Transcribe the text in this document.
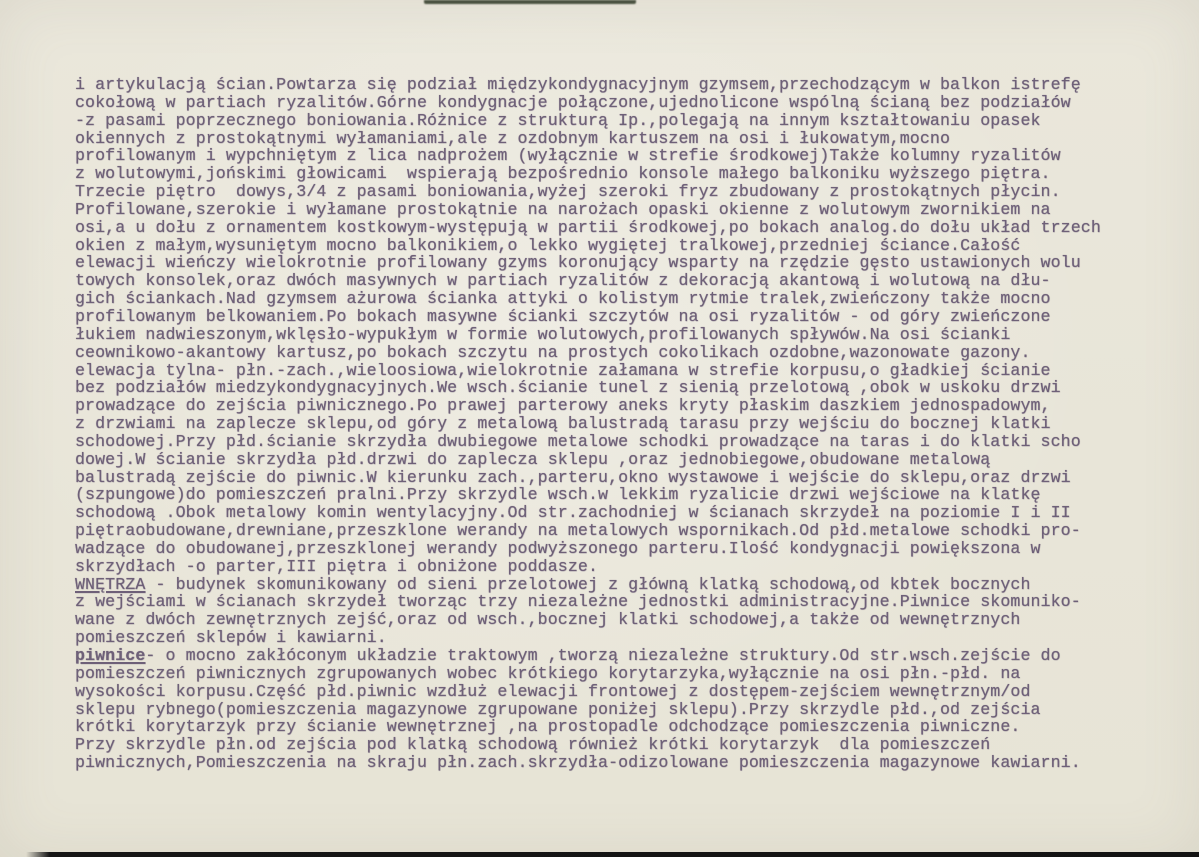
i artykulacją ścian.Powtarza się podział międzykondygnacyjnym gzymsem,przechodzącym w balkon istrefę
cokołową w partiach ryzalitów.Górne kondygnacje połączone,ujednolicone wspólną ścianą bez podziałów
-z pasami poprzecznego boniowania.Różnice z strukturą Ip.,polegają na innym kształtowaniu opasek
okiennych z prostokątnymi wyłamaniami,ale z ozdobnym kartuszem na osi i łukowatym,mocno
profilowanym i wypchniętym z lica nadprożem (wyłącznie w strefie środkowej)Także kolumny ryzalitów
z wolutowymi,jońskimi głowicami  wspierają bezpośrednio konsole małego balkoniku wyższego piętra.
Trzecie piętro  dowys,3/4 z pasami boniowania,wyżej szeroki fryz zbudowany z prostokątnych płycin.
Profilowane,szerokie i wyłamane prostokątnie na narożach opaski okienne z wolutowym zwornikiem na
osi,a u dołu z ornamentem kostkowym-występują w partii środkowej,po bokach analog.do dołu układ trzech
okien z małym,wysuniętym mocno balkonikiem,o lekko wygiętej tralkowej,przedniej ściance.Całość
elewacji wieńczy wielokrotnie profilowany gzyms koronujący wsparty na rzędzie gęsto ustawionych wolu
towych konsolek,oraz dwóch masywnych w partiach ryzalitów z dekoracją akantową i wolutową na dłu-
gich ściankach.Nad gzymsem ażurowa ścianka attyki o kolistym rytmie tralek,zwieńczony także mocno
profilowanym belkowaniem.Po bokach masywne ścianki szczytów na osi ryzalitów - od góry zwieńczone
łukiem nadwieszonym,wklęsło-wypukłym w formie wolutowych,profilowanych spływów.Na osi ścianki
ceownikowo-akantowy kartusz,po bokach szczytu na prostych cokolikach ozdobne,wazonowate gazony.
elewacja tylna- płn.-zach.,wieloosiowa,wielokrotnie załamana w strefie korpusu,o gładkiej ścianie
bez podziałów miedzykondygnacyjnych.We wsch.ścianie tunel z sienią przelotową ,obok w uskoku drzwi
prowadzące do zejścia piwnicznego.Po prawej parterowy aneks kryty płaskim daszkiem jednospadowym,
z drzwiami na zaplecze sklepu,od góry z metalową balustradą tarasu przy wejściu do bocznej klatki
schodowej.Przy płd.ścianie skrzydła dwubiegowe metalowe schodki prowadzące na taras i do klatki scho
dowej.W ścianie skrzydła płd.drzwi do zaplecza sklepu ,oraz jednobiegowe,obudowane metalową
balustradą zejście do piwnic.W kierunku zach.,parteru,okno wystawowe i wejście do sklepu,oraz drzwi
(szpungowe)do pomieszczeń pralni.Przy skrzydle wsch.w lekkim ryzalicie drzwi wejściowe na klatkę
schodową .Obok metalowy komin wentylacyjny.Od str.zachodniej w ścianach skrzydeł na poziomie I i II
piętraobudowane,drewniane,przeszklone werandy na metalowych wspornikach.Od płd.metalowe schodki pro-
wadzące do obudowanej,przeszklonej werandy podwyższonego parteru.Ilość kondygnacji powiększona w
skrzydłach -o parter,III piętra i obniżone poddasze.
WNĘTRZA - budynek skomunikowany od sieni przelotowej z główną klatką schodową,od kbtek bocznych
z wejściami w ścianach skrzydeł tworząc trzy niezależne jednostki administracyjne.Piwnice skomuniko-
wane z dwóch zewnętrznych zejść,oraz od wsch.,bocznej klatki schodowej,a także od wewnętrznych
pomieszczeń sklepów i kawiarni.
piwnice- o mocno zakłóconym układzie traktowym ,tworzą niezależne struktury.Od str.wsch.zejście do
pomieszczeń piwnicznych zgrupowanych wobec krótkiego korytarzyka,wyłącznie na osi płn.-płd. na
wysokości korpusu.Część płd.piwnic wzdłuż elewacji frontowej z dostępem-zejściem wewnętrznym/od
sklepu rybnego(pomieszczenia magazynowe zgrupowane poniżej sklepu).Przy skrzydle płd.,od zejścia
krótki korytarzyk przy ścianie wewnętrznej ,na prostopadle odchodzące pomieszczenia piwniczne.
Przy skrzydle płn.od zejścia pod klatką schodową również krótki korytarzyk  dla pomieszczeń
piwnicznych,Pomieszczenia na skraju płn.zach.skrzydła-odizolowane pomieszczenia magazynowe kawiarni.
